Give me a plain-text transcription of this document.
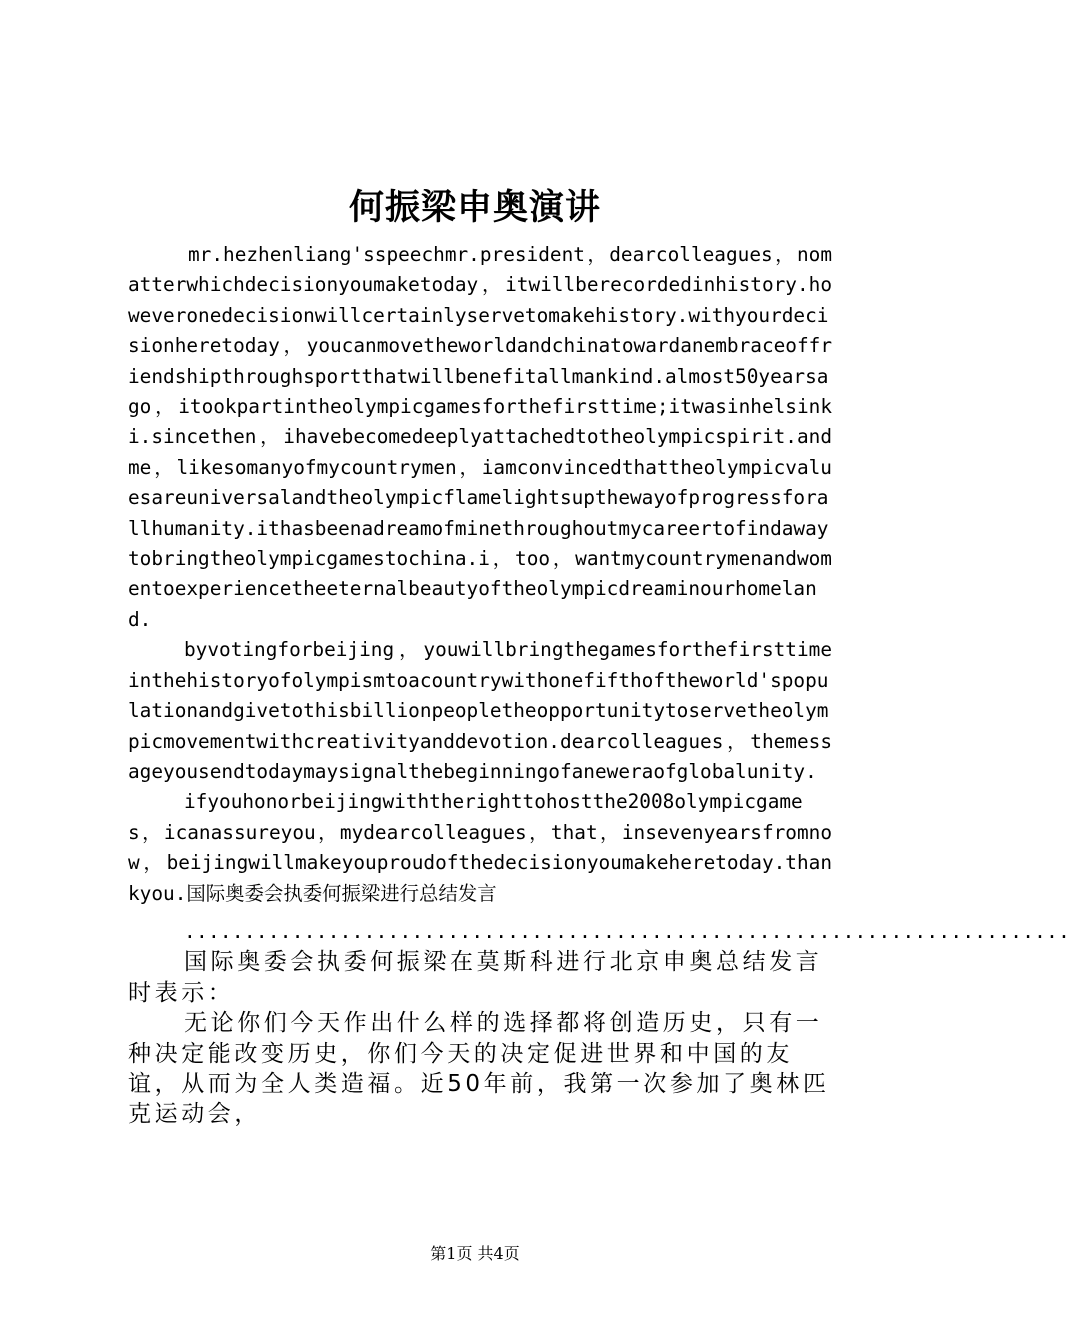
何振梁申奥演讲

mr.hezhenliang'sspeechmr.president，dearcolleagues，nomatterwhichdecisionyoumaketoday，itwillberecordedinhistory.howeveronedecisionwillcertainlyservetomakehistory.withyourdecisionheretoday，youcanmovetheworldandchinatowardanembraceoffriendshipthroughsportthatwillbenefitallmankind.almost50yearsago，itookpartintheolympicgamesforthefirsttime;itwasinhelsinki.sincethen，ihavebecomedeeplyattachedtotheolympicspirit.andme，likesomanyofmycountrymen，iamconvincedthattheolympicvaluesareuniversalandtheolympicflamelightsupthewayofprogressforallhumanity.ithasbeenadreamofminethroughoutmycareertofindawaytobringtheolympicgamestochina.i，too，wantmycountrymenandwomentoexperiencetheeternalbeautyoftheolympicdreaminourhomeland.

byvotingforbeijing，youwillbringthegamesforthefirsttimeinthehistoryofolympismtoacountrywithonefifthoftheworld'spopulationandgivetothisbillionpeopletheopportunitytoservetheolympicmovementwithcreativityanddevotion.dearcolleagues，themessageyousendtodaymaysignalthebeginningofaneweraofglobalunity.

ifyouhonorbeijingwiththerighttohostthe2008olympicgames，icanassureyou，mydearcolleagues，that，insevenyearsfromnow，beijingwillmakeyouproudofthedecisionyoumakeheretoday.thankyou.国际奥委会执委何振梁进行总结发言

..........................................................................

国际奥委会执委何振梁在莫斯科进行北京申奥总结发言时表示：

无论你们今天作出什么样的选择都将创造历史，只有一种决定能改变历史，你们今天的决定促进世界和中国的友谊，从而为全人类造福。近50年前，我第一次参加了奥林匹克运动会，

第1页 共4页
